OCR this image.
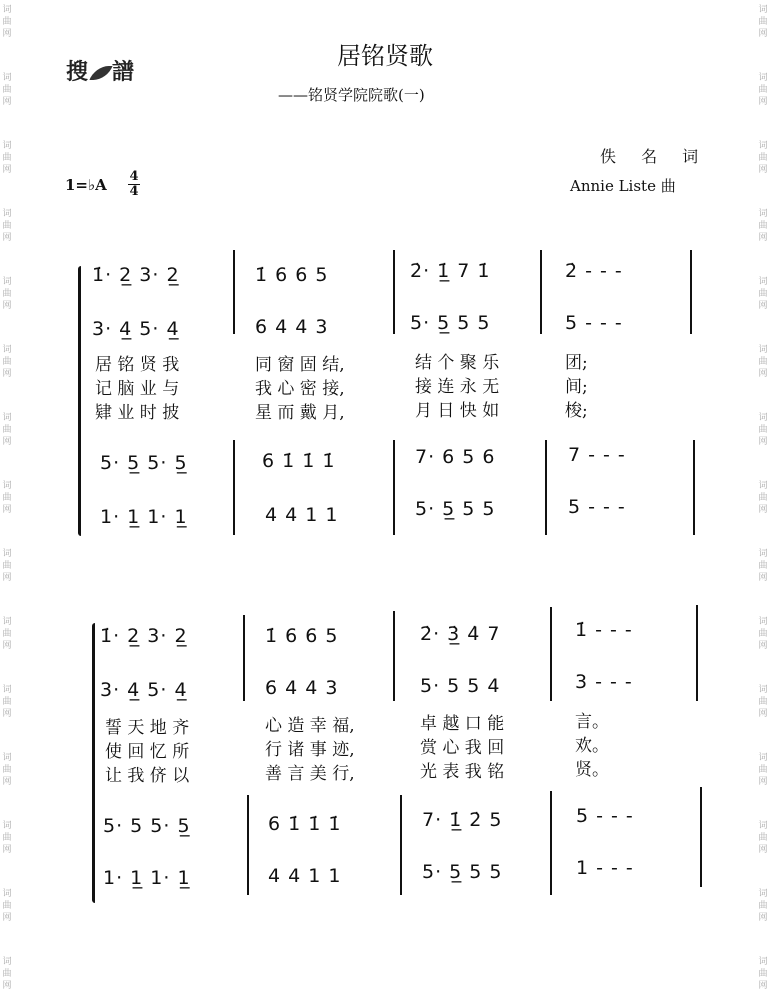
词
曲
网
词
曲
网
词
曲
网
词
曲
网
词
曲
网
词
曲
网
词
曲
网
词
曲
网
词
曲
网
词
曲
网
词
曲
网
词
曲
网
词
曲
网
词
曲
网
词
曲
网
词
曲
网
词
曲
网
词
曲
网
词
曲
网
词
曲
网
词
曲
网
词
曲
网
词
曲
网
词
曲
网
词
曲
网
词
曲
网
词
曲
网
词
曲
网
词
曲
网
词
曲
网
搜 譜
居铭贤歌
——铭贤学院院歌(一)
佚 名 词
Annie Liste 曲
1=♭A 4
4
1̇· 2̲ 3· 2̲	1̇ 6 6 5	2̇· 1̲̇ 7 1̇	2̇ - - -
3· 4̲ 5· 4̲	6 4 4 3	5· 5̲ 5 5	5 - - -
居 铭 贤 我	同 窗 固 结,	结 个 聚 乐	团;
记 脑 业 与	我 心 密 接,	接 连 永 无	间;
肄 业 时 披	星 而 戴 月,	月 日 快 如	梭;
5· 5̲ 5· 5̲	6 1̇ 1̇ 1̇	7· 6 5 6	7 - - -
1· 1̲ 1· 1̲	4 4 1 1	5· 5̲ 5 5	5 - - -
1̇· 2̲ 3· 2̲	1̇ 6 6 5	2̇· 3̲̇ 4̇ 7	1̇ - - -
3· 4̲ 5· 4̲	6 4 4 3	5· 5 5 4	3 - - -
誓 天 地 齐	心 造 幸 福,	卓 越 口 能	言。
使 回 忆 所	行 诸 事 迹,	赏 心 我 回	欢。
让 我 侪 以	善 言 美 行,	光 表 我 铭	贤。
5· 5 5· 5̲	6 1̇ 1̇ 1̇	7· 1̲̇ 2̇ 5	5 - - -
1· 1̲ 1· 1̲	4 4 1 1	5· 5̲ 5 5	1 - - -
